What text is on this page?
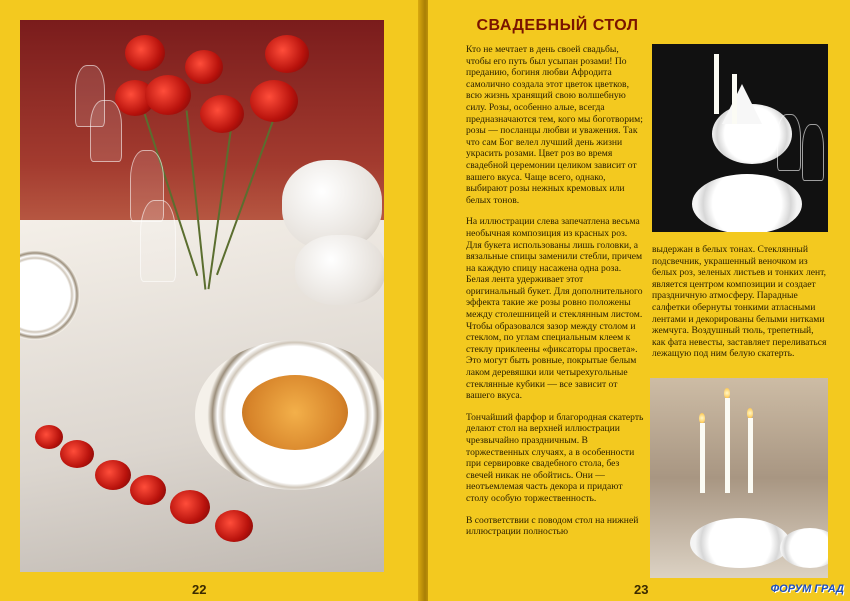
22
СВАДЕБНЫЙ СТОЛ

Кто не мечтает в день своей свадьбы, чтобы его путь был усыпан розами! По преданию, богиня любви Афродита самолично создала этот цветок цветков, всю жизнь хранящий свою волшебную силу. Розы, особенно алые, всегда предназначаются тем, кого мы боготворим; розы — посланцы любви и уважения. Так что сам Бог велел лучший день жизни украсить розами. Цвет роз во время свадебной церемонии целиком зависит от вашего вкуса. Чаще всего, однако, выбирают розы нежных кремовых или белых тонов.

На иллюстрации слева запечатлена весьма необычная композиция из красных роз. Для букета использованы лишь головки, а вязальные спицы заменили стебли, причем на каждую спицу насажена одна роза. Белая лента удерживает этот оригинальный букет. Для дополнительного эффекта такие же розы ровно положены между столешницей и стеклянным листом. Чтобы образовался зазор между столом и стеклом, по углам специальным клеем к стеклу приклеены «фиксаторы просвета». Это могут быть ровные, покрытые белым лаком деревяшки или четырехугольные стеклянные кубики — все зависит от вашего вкуса.

Тончайший фарфор и благородная скатерть делают стол на верхней иллюстрации чрезвычайно праздничным. В торжественных случаях, а в особенности при сервировке свадебного стола, без свечей никак не обойтись. Они — неотъемлемая часть декора и придают столу особую торжественность.

В соответствии с поводом стол на нижней иллюстрации полностью

выдержан в белых тонах. Стеклянный подсвечник, украшенный веночком из белых роз, зеленых листьев и тонких лент, является центром композиции и создает праздничную атмосферу. Парадные салфетки обернуты тонкими атласными лентами и декорированы белыми нитками жемчуга. Воздушный тюль, трепетный, как фата невесты, заставляет переливаться лежащую под ним белую скатерть.
23	ФОРУМ ГРАД
